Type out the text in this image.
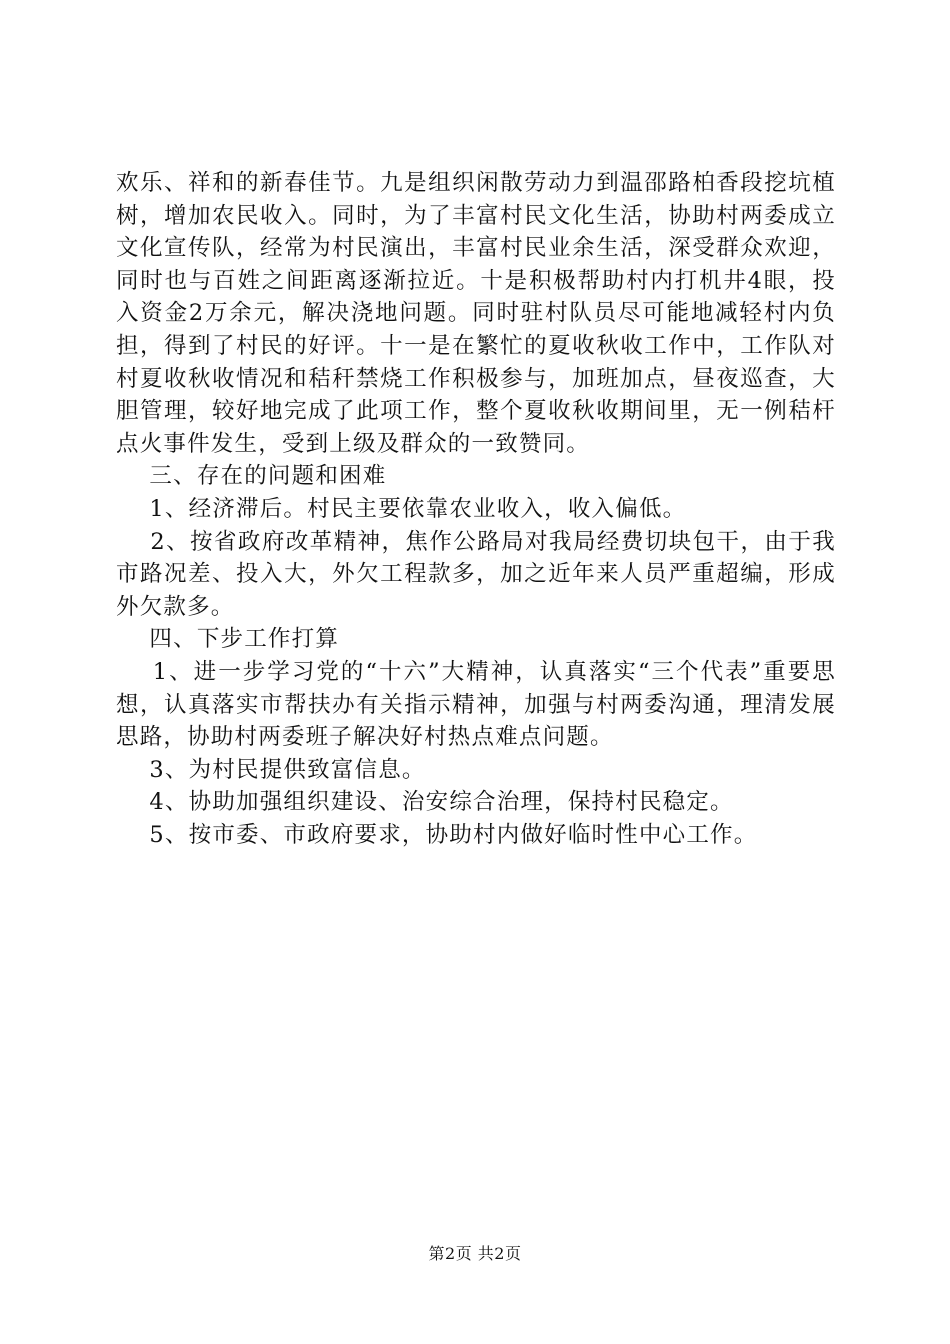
欢乐、祥和的新春佳节。九是组织闲散劳动力到温邵路柏香段挖坑植树，增加农民收入。同时，为了丰富村民文化生活，协助村两委成立文化宣传队，经常为村民演出，丰富村民业余生活，深受群众欢迎，同时也与百姓之间距离逐渐拉近。十是积极帮助村内打机井4眼，投入资金2万余元，解决浇地问题。同时驻村队员尽可能地减轻村内负担，得到了村民的好评。十一是在繁忙的夏收秋收工作中，工作队对村夏收秋收情况和秸秆禁烧工作积极参与，加班加点，昼夜巡查，大胆管理，较好地完成了此项工作，整个夏收秋收期间里，无一例秸杆点火事件发生，受到上级及群众的一致赞同。

三、存在的问题和困难

1、经济滞后。村民主要依靠农业收入，收入偏低。

2、按省政府改革精神，焦作公路局对我局经费切块包干，由于我市路况差、投入大，外欠工程款多，加之近年来人员严重超编，形成外欠款多。

四、下步工作打算

1、进一步学习党的“十六”大精神，认真落实“三个代表”重要思想，认真落实市帮扶办有关指示精神，加强与村两委沟通，理清发展思路，协助村两委班子解决好村热点难点问题。

3、为村民提供致富信息。

4、协助加强组织建设、治安综合治理，保持村民稳定。

5、按市委、市政府要求，协助村内做好临时性中心工作。

第2页 共2页
